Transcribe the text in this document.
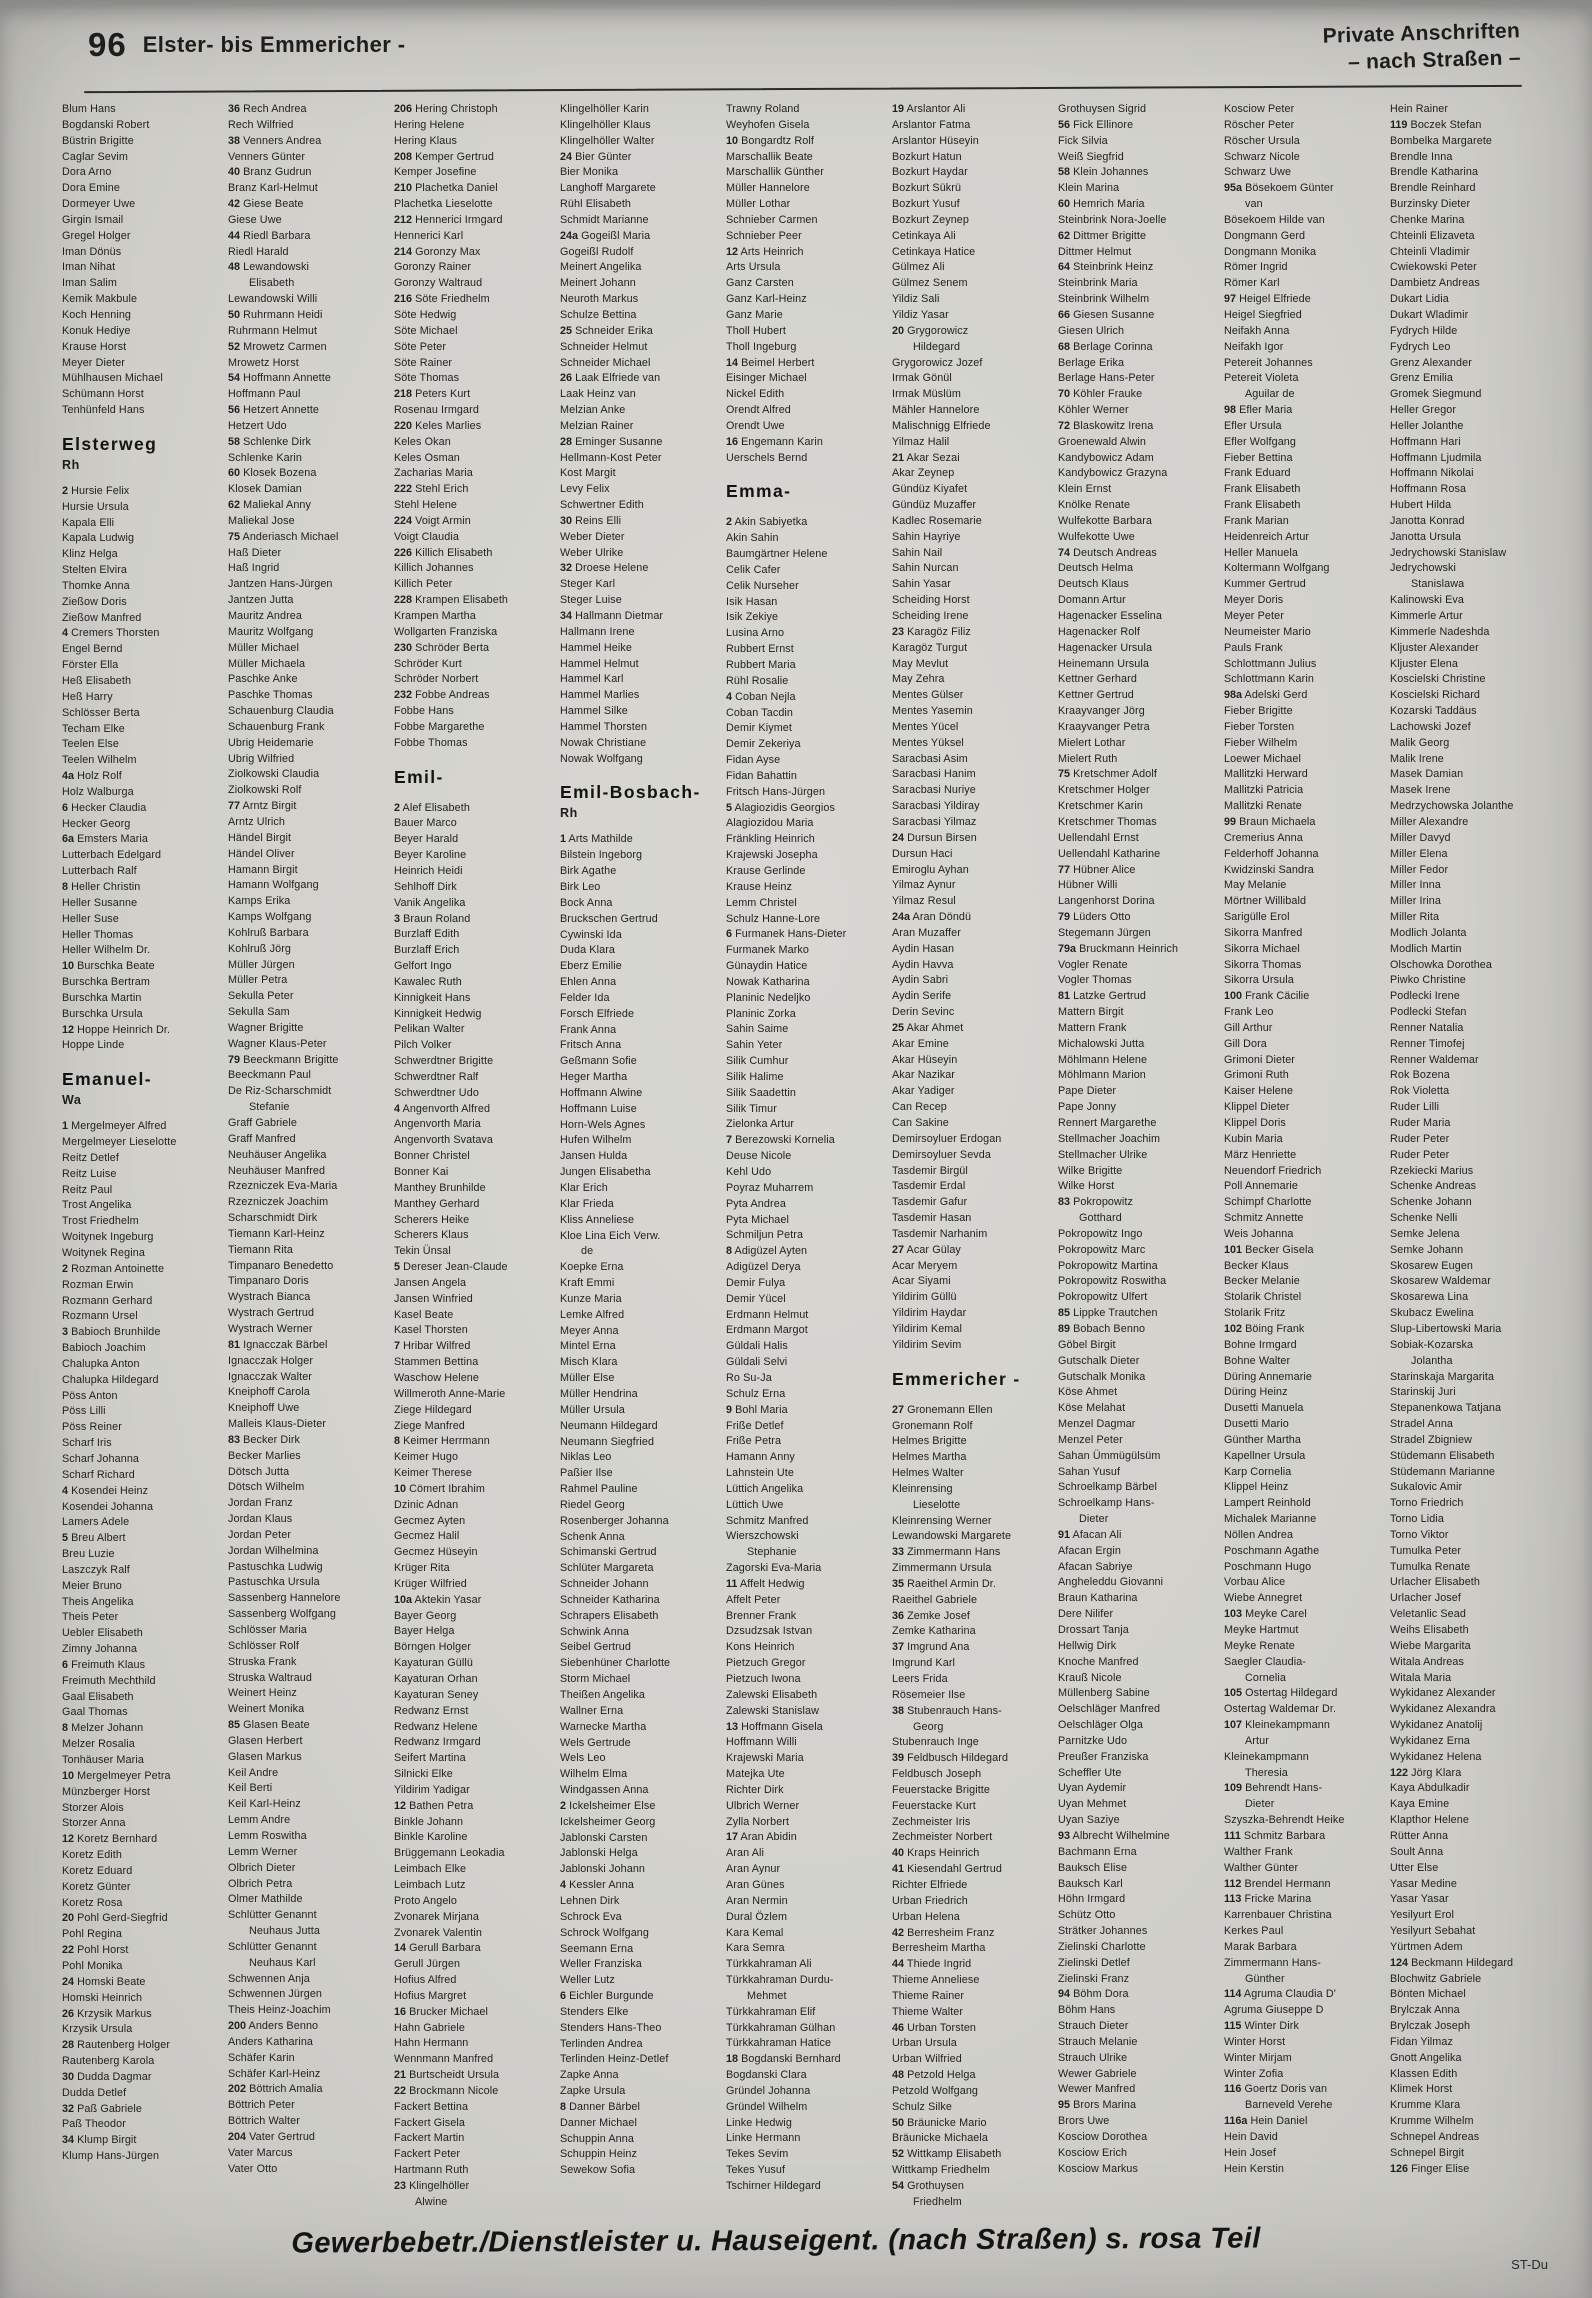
96 Elster- bis Emmericher -	Private Anschriften
– nach Straßen –
Blum Hans
Bogdanski Robert
Büstrin Brigitte
Caglar Sevim
Dora Arno
Dora Emine
Dormeyer Uwe
Girgin Ismail
Gregel Holger
Iman Dönüs
Iman Nihat
Iman Salim
Kemik Makbule
Koch Henning
Konuk Hediye
Krause Horst
Meyer Dieter
Mühlhausen Michael
Schümann Horst
Tenhünfeld Hans
Elsterweg
Rh
2 Hursie Felix
Hursie Ursula
Kapala Elli
Kapala Ludwig
Klinz Helga
Stelten Elvira
Thomke Anna
Zießow Doris
Zießow Manfred
4 Cremers Thorsten
Engel Bernd
Förster Ella
Heß Elisabeth
Heß Harry
Schlösser Berta
Techam Elke
Teelen Else
Teelen Wilhelm
4a Holz Rolf
Holz Walburga
6 Hecker Claudia
Hecker Georg
6a Emsters Maria
Lutterbach Edelgard
Lutterbach Ralf
8 Heller Christin
Heller Susanne
Heller Suse
Heller Thomas
Heller Wilhelm Dr.
10 Burschka Beate
Burschka Bertram
Burschka Martin
Burschka Ursula
12 Hoppe Heinrich Dr.
Hoppe Linde
Emanuel-
Wa
1 Mergelmeyer Alfred
Mergelmeyer Lieselotte
Reitz Detlef
Reitz Luise
Reitz Paul
Trost Angelika
Trost Friedhelm
Woitynek Ingeburg
Woitynek Regina
2 Rozman Antoinette
Rozman Erwin
Rozmann Gerhard
Rozmann Ursel
3 Babioch Brunhilde
Babioch Joachim
Chalupka Anton
Chalupka Hildegard
Pöss Anton
Pöss Lilli
Pöss Reiner
Scharf Iris
Scharf Johanna
Scharf Richard
4 Kosendei Heinz
Kosendei Johanna
Lamers Adele
5 Breu Albert
Breu Luzie
Laszczyk Ralf
Meier Bruno
Theis Angelika
Theis Peter
Uebler Elisabeth
Zimny Johanna
6 Freimuth Klaus
Freimuth Mechthild
Gaal Elisabeth
Gaal Thomas
8 Melzer Johann
Melzer Rosalia
Tonhäuser Maria
10 Mergelmeyer Petra
Münzberger Horst
Storzer Alois
Storzer Anna
12 Koretz Bernhard
Koretz Edith
Koretz Eduard
Koretz Günter
Koretz Rosa
20 Pohl Gerd-Siegfrid
Pohl Regina
22 Pohl Horst
Pohl Monika
24 Homski Beate
Homski Heinrich
26 Krzysik Markus
Krzysik Ursula
28 Rautenberg Holger
Rautenberg Karola
30 Dudda Dagmar
Dudda Detlef
32 Paß Gabriele
Paß Theodor
34 Klump Birgit
Klump Hans-Jürgen
36 Rech Andrea
Rech Wilfried
38 Venners Andrea
Venners Günter
40 Branz Gudrun
Branz Karl-Helmut
42 Giese Beate
Giese Uwe
44 Riedl Barbara
Riedl Harald
48 Lewandowski
Elisabeth
Lewandowski Willi
50 Ruhrmann Heidi
Ruhrmann Helmut
52 Mrowetz Carmen
Mrowetz Horst
54 Hoffmann Annette
Hoffmann Paul
56 Hetzert Annette
Hetzert Udo
58 Schlenke Dirk
Schlenke Karin
60 Klosek Bozena
Klosek Damian
62 Maliekal Anny
Maliekal Jose
75 Anderiasch Michael
Haß Dieter
Haß Ingrid
Jantzen Hans-Jürgen
Jantzen Jutta
Mauritz Andrea
Mauritz Wolfgang
Müller Michael
Müller Michaela
Paschke Anke
Paschke Thomas
Schauenburg Claudia
Schauenburg Frank
Ubrig Heidemarie
Ubrig Wilfried
Ziolkowski Claudia
Ziolkowski Rolf
77 Arntz Birgit
Arntz Ulrich
Händel Birgit
Händel Oliver
Hamann Birgit
Hamann Wolfgang
Kamps Erika
Kamps Wolfgang
Kohlruß Barbara
Kohlruß Jörg
Müller Jürgen
Müller Petra
Sekulla Peter
Sekulla Sam
Wagner Brigitte
Wagner Klaus-Peter
79 Beeckmann Brigitte
Beeckmann Paul
De Riz-Scharschmidt
Stefanie
Graff Gabriele
Graff Manfred
Neuhäuser Angelika
Neuhäuser Manfred
Rzezniczek Eva-Maria
Rzezniczek Joachim
Scharschmidt Dirk
Tiemann Karl-Heinz
Tiemann Rita
Timpanaro Benedetto
Timpanaro Doris
Wystrach Bianca
Wystrach Gertrud
Wystrach Werner
81 Ignacczak Bärbel
Ignacczak Holger
Ignacczak Walter
Kneiphoff Carola
Kneiphoff Uwe
Malleis Klaus-Dieter
83 Becker Dirk
Becker Marlies
Dötsch Jutta
Dötsch Wilhelm
Jordan Franz
Jordan Klaus
Jordan Peter
Jordan Wilhelmina
Pastuschka Ludwig
Pastuschka Ursula
Sassenberg Hannelore
Sassenberg Wolfgang
Schlösser Maria
Schlösser Rolf
Struska Frank
Struska Waltraud
Weinert Heinz
Weinert Monika
85 Glasen Beate
Glasen Herbert
Glasen Markus
Keil Andre
Keil Berti
Keil Karl-Heinz
Lemm Andre
Lemm Roswitha
Lemm Werner
Olbrich Dieter
Olbrich Petra
Olmer Mathilde
Schlütter Genannt
Neuhaus Jutta
Schlütter Genannt
Neuhaus Karl
Schwennen Anja
Schwennen Jürgen
Theis Heinz-Joachim
200 Anders Benno
Anders Katharina
Schäfer Karin
Schäfer Karl-Heinz
202 Böttrich Amalia
Böttrich Peter
Böttrich Walter
204 Vater Gertrud
Vater Marcus
Vater Otto
206 Hering Christoph
Hering Helene
Hering Klaus
208 Kemper Gertrud
Kemper Josefine
210 Plachetka Daniel
Plachetka Lieselotte
212 Hennerici Irmgard
Hennerici Karl
214 Goronzy Max
Goronzy Rainer
Goronzy Waltraud
216 Söte Friedhelm
Söte Hedwig
Söte Michael
Söte Peter
Söte Rainer
Söte Thomas
218 Peters Kurt
Rosenau Irmgard
220 Keles Marlies
Keles Okan
Keles Osman
Zacharias Maria
222 Stehl Erich
Stehl Helene
224 Voigt Armin
Voigt Claudia
226 Killich Elisabeth
Killich Johannes
Killich Peter
228 Krampen Elisabeth
Krampen Martha
Wollgarten Franziska
230 Schröder Berta
Schröder Kurt
Schröder Norbert
232 Fobbe Andreas
Fobbe Hans
Fobbe Margarethe
Fobbe Thomas
Emil-
2 Alef Elisabeth
Bauer Marco
Beyer Harald
Beyer Karoline
Heinrich Heidi
Sehlhoff Dirk
Vanik Angelika
3 Braun Roland
Burzlaff Edith
Burzlaff Erich
Gelfort Ingo
Kawalec Ruth
Kinnigkeit Hans
Kinnigkeit Hedwig
Pelikan Walter
Pilch Volker
Schwerdtner Brigitte
Schwerdtner Ralf
Schwerdtner Udo
4 Angenvorth Alfred
Angenvorth Maria
Angenvorth Svatava
Bonner Christel
Bonner Kai
Manthey Brunhilde
Manthey Gerhard
Scherers Heike
Scherers Klaus
Tekin Ünsal
5 Dereser Jean-Claude
Jansen Angela
Jansen Winfried
Kasel Beate
Kasel Thorsten
7 Hribar Wilfred
Stammen Bettina
Waschow Helene
Willmeroth Anne-Marie
Ziege Hildegard
Ziege Manfred
8 Keimer Herrmann
Keimer Hugo
Keimer Therese
10 Cömert Ibrahim
Dzinic Adnan
Gecmez Ayten
Gecmez Halil
Gecmez Hüseyin
Krüger Rita
Krüger Wilfried
10a Aktekin Yasar
Bayer Georg
Bayer Helga
Börngen Holger
Kayaturan Güllü
Kayaturan Orhan
Kayaturan Seney
Redwanz Ernst
Redwanz Helene
Redwanz Irmgard
Seifert Martina
Silnicki Elke
Yildirim Yadigar
12 Bathen Petra
Binkle Johann
Binkle Karoline
Brüggemann Leokadia
Leimbach Elke
Leimbach Lutz
Proto Angelo
Zvonarek Mirjana
Zvonarek Valentin
14 Gerull Barbara
Gerull Jürgen
Hofius Alfred
Hofius Margret
16 Brucker Michael
Hahn Gabriele
Hahn Hermann
Wennmann Manfred
21 Burtscheidt Ursula
22 Brockmann Nicole
Fackert Bettina
Fackert Gisela
Fackert Martin
Fackert Peter
Hartmann Ruth
23 Klingelhöller
Alwine
Klingelhöller Karin
Klingelhöller Klaus
Klingelhöller Walter
24 Bier Günter
Bier Monika
Langhoff Margarete
Rühl Elisabeth
Schmidt Marianne
24a Gogeißl Maria
Gogeißl Rudolf
Meinert Angelika
Meinert Johann
Neuroth Markus
Schulze Bettina
25 Schneider Erika
Schneider Helmut
Schneider Michael
26 Laak Elfriede van
Laak Heinz van
Melzian Anke
Melzian Rainer
28 Eminger Susanne
Hellmann-Kost Peter
Kost Margit
Levy Felix
Schwertner Edith
30 Reins Elli
Weber Dieter
Weber Ulrike
32 Droese Helene
Steger Karl
Steger Luise
34 Hallmann Dietmar
Hallmann Irene
Hammel Heike
Hammel Helmut
Hammel Karl
Hammel Marlies
Hammel Silke
Hammel Thorsten
Nowak Christiane
Nowak Wolfgang
Emil-Bosbach-
Rh
1 Arts Mathilde
Bilstein Ingeborg
Birk Agathe
Birk Leo
Bock Anna
Bruckschen Gertrud
Cywinski Ida
Duda Klara
Eberz Emilie
Ehlen Anna
Felder Ida
Forsch Elfriede
Frank Anna
Fritsch Anna
Geßmann Sofie
Heger Martha
Hoffmann Alwine
Hoffmann Luise
Horn-Wels Agnes
Hufen Wilhelm
Jansen Hulda
Jungen Elisabetha
Klar Erich
Klar Frieda
Kliss Anneliese
Kloe Lina Eich Verw.
de
Koepke Erna
Kraft Emmi
Kunze Maria
Lemke Alfred
Meyer Anna
Mintel Erna
Misch Klara
Müller Else
Müller Hendrina
Müller Ursula
Neumann Hildegard
Neumann Siegfried
Niklas Leo
Paßier Ilse
Rahmel Pauline
Riedel Georg
Rosenberger Johanna
Schenk Anna
Schimanski Gertrud
Schlüter Margareta
Schneider Johann
Schneider Katharina
Schrapers Elisabeth
Schwink Anna
Seibel Gertrud
Siebenhüner Charlotte
Storm Michael
Theißen Angelika
Wallner Erna
Warnecke Martha
Wels Gertrude
Wels Leo
Wilhelm Elma
Windgassen Anna
2 Ickelsheimer Else
Ickelsheimer Georg
Jablonski Carsten
Jablonski Helga
Jablonski Johann
4 Kessler Anna
Lehnen Dirk
Schrock Eva
Schrock Wolfgang
Seemann Erna
Weller Franziska
Weller Lutz
6 Eichler Burgunde
Stenders Elke
Stenders Hans-Theo
Terlinden Andrea
Terlinden Heinz-Detlef
Zapke Anna
Zapke Ursula
8 Danner Bärbel
Danner Michael
Schuppin Anna
Schuppin Heinz
Sewekow Sofia
Trawny Roland
Weyhofen Gisela
10 Bongardtz Rolf
Marschallik Beate
Marschallik Günther
Müller Hannelore
Müller Lothar
Schnieber Carmen
Schnieber Peer
12 Arts Heinrich
Arts Ursula
Ganz Carsten
Ganz Karl-Heinz
Ganz Marie
Tholl Hubert
Tholl Ingeburg
14 Beimel Herbert
Eisinger Michael
Nickel Edith
Orendt Alfred
Orendt Uwe
16 Engemann Karin
Uerschels Bernd
Emma-
2 Akin Sabiyetka
Akin Sahin
Baumgärtner Helene
Celik Cafer
Celik Nurseher
Isik Hasan
Isik Zekiye
Lusina Arno
Rubbert Ernst
Rubbert Maria
Rühl Rosalie
4 Coban Nejla
Coban Tacdin
Demir Kiymet
Demir Zekeriya
Fidan Ayse
Fidan Bahattin
Fritsch Hans-Jürgen
5 Alagiozidis Georgios
Alagiozidou Maria
Fränkling Heinrich
Krajewski Josepha
Krause Gerlinde
Krause Heinz
Lemm Christel
Schulz Hanne-Lore
6 Furmanek Hans-Dieter
Furmanek Marko
Günaydin Hatice
Nowak Katharina
Planinic Nedeljko
Planinic Zorka
Sahin Saime
Sahin Yeter
Silik Cumhur
Silik Halime
Silik Saadettin
Silik Timur
Zielonka Artur
7 Berezowski Kornelia
Deuse Nicole
Kehl Udo
Poyraz Muharrem
Pyta Andrea
Pyta Michael
Schmiljun Petra
8 Adigüzel Ayten
Adigüzel Derya
Demir Fulya
Demir Yücel
Erdmann Helmut
Erdmann Margot
Güldali Halis
Güldali Selvi
Ro Su-Ja
Schulz Erna
9 Bohl Maria
Friße Detlef
Friße Petra
Hamann Anny
Lahnstein Ute
Lüttich Angelika
Lüttich Uwe
Schmitz Manfred
Wierszchowski
Stephanie
Zagorski Eva-Maria
11 Affelt Hedwig
Affelt Peter
Brenner Frank
Dzsudzsak Istvan
Kons Heinrich
Pietzuch Gregor
Pietzuch Iwona
Zalewski Elisabeth
Zalewski Stanislaw
13 Hoffmann Gisela
Hoffmann Willi
Krajewski Maria
Matejka Ute
Richter Dirk
Ulbrich Werner
Zylla Norbert
17 Aran Abidin
Aran Ali
Aran Aynur
Aran Günes
Aran Nermin
Dural Özlem
Kara Kemal
Kara Semra
Türkkahraman Ali
Türkkahraman Durdu-
Mehmet
Türkkahraman Elif
Türkkahraman Gülhan
Türkkahraman Hatice
18 Bogdanski Bernhard
Bogdanski Clara
Gründel Johanna
Gründel Wilhelm
Linke Hedwig
Linke Hermann
Tekes Sevim
Tekes Yusuf
Tschirner Hildegard
19 Arslantor Ali
Arslantor Fatma
Arslantor Hüseyin
Bozkurt Hatun
Bozkurt Haydar
Bozkurt Sükrü
Bozkurt Yusuf
Bozkurt Zeynep
Cetinkaya Ali
Cetinkaya Hatice
Gülmez Ali
Gülmez Senem
Yildiz Sali
Yildiz Yasar
20 Grygorowicz
Hildegard
Grygorowicz Jozef
Irmak Gönül
Irmak Müslüm
Mähler Hannelore
Malischnigg Elfriede
Yilmaz Halil
21 Akar Sezai
Akar Zeynep
Gündüz Kiyafet
Gündüz Muzaffer
Kadlec Rosemarie
Sahin Hayriye
Sahin Nail
Sahin Nurcan
Sahin Yasar
Scheiding Horst
Scheiding Irene
23 Karagöz Filiz
Karagöz Turgut
May Mevlut
May Zehra
Mentes Gülser
Mentes Yasemin
Mentes Yücel
Mentes Yüksel
Saracbasi Asim
Saracbasi Hanim
Saracbasi Nuriye
Saracbasi Yildiray
Saracbasi Yilmaz
24 Dursun Birsen
Dursun Haci
Emiroglu Ayhan
Yilmaz Aynur
Yilmaz Resul
24a Aran Döndü
Aran Muzaffer
Aydin Hasan
Aydin Havva
Aydin Sabri
Aydin Serife
Derin Sevinc
25 Akar Ahmet
Akar Emine
Akar Hüseyin
Akar Nazikar
Akar Yadiger
Can Recep
Can Sakine
Demirsoyluer Erdogan
Demirsoyluer Sevda
Tasdemir Birgül
Tasdemir Erdal
Tasdemir Gafur
Tasdemir Hasan
Tasdemir Narhanim
27 Acar Gülay
Acar Meryem
Acar Siyami
Yildirim Güllü
Yildirim Haydar
Yildirim Kemal
Yildirim Sevim
Emmericher -
27 Gronemann Ellen
Gronemann Rolf
Helmes Brigitte
Helmes Martha
Helmes Walter
Kleinrensing
Lieselotte
Kleinrensing Werner
Lewandowski Margarete
33 Zimmermann Hans
Zimmermann Ursula
35 Raeithel Armin Dr.
Raeithel Gabriele
36 Zemke Josef
Zemke Katharina
37 Imgrund Ana
Imgrund Karl
Leers Frida
Rösemeier Ilse
38 Stubenrauch Hans-
Georg
Stubenrauch Inge
39 Feldbusch Hildegard
Feldbusch Joseph
Feuerstacke Brigitte
Feuerstacke Kurt
Zechmeister Iris
Zechmeister Norbert
40 Kraps Heinrich
41 Kiesendahl Gertrud
Richter Elfriede
Urban Friedrich
Urban Helena
42 Berresheim Franz
Berresheim Martha
44 Thiede Ingrid
Thieme Anneliese
Thieme Rainer
Thieme Walter
46 Urban Torsten
Urban Ursula
Urban Wilfried
48 Petzold Helga
Petzold Wolfgang
Schulz Silke
50 Bräunicke Mario
Bräunicke Michaela
52 Wittkamp Elisabeth
Wittkamp Friedhelm
54 Grothuysen
Friedhelm
Grothuysen Sigrid
56 Fick Ellinore
Fick Silvia
Weiß Siegfrid
58 Klein Johannes
Klein Marina
60 Hemrich Maria
Steinbrink Nora-Joelle
62 Dittmer Brigitte
Dittmer Helmut
64 Steinbrink Heinz
Steinbrink Maria
Steinbrink Wilhelm
66 Giesen Susanne
Giesen Ulrich
68 Berlage Corinna
Berlage Erika
Berlage Hans-Peter
70 Köhler Frauke
Köhler Werner
72 Blaskowitz Irena
Groenewald Alwin
Kandybowicz Adam
Kandybowicz Grazyna
Klein Ernst
Knölke Renate
Wulfekotte Barbara
Wulfekotte Uwe
74 Deutsch Andreas
Deutsch Helma
Deutsch Klaus
Domann Artur
Hagenacker Esselina
Hagenacker Rolf
Hagenacker Ursula
Heinemann Ursula
Kettner Gerhard
Kettner Gertrud
Kraayvanger Jörg
Kraayvanger Petra
Mielert Lothar
Mielert Ruth
75 Kretschmer Adolf
Kretschmer Holger
Kretschmer Karin
Kretschmer Thomas
Uellendahl Ernst
Uellendahl Katharine
77 Hübner Alice
Hübner Willi
Langenhorst Dorina
79 Lüders Otto
Stegemann Jürgen
79a Bruckmann Heinrich
Vogler Renate
Vogler Thomas
81 Latzke Gertrud
Mattern Birgit
Mattern Frank
Michalowski Jutta
Möhlmann Helene
Möhlmann Marion
Pape Dieter
Pape Jonny
Rennert Margarethe
Stellmacher Joachim
Stellmacher Ulrike
Wilke Brigitte
Wilke Horst
83 Pokropowitz
Gotthard
Pokropowitz Ingo
Pokropowitz Marc
Pokropowitz Martina
Pokropowitz Roswitha
Pokropowitz Ulfert
85 Lippke Trautchen
89 Bobach Benno
Göbel Birgit
Gutschalk Dieter
Gutschalk Monika
Köse Ahmet
Köse Melahat
Menzel Dagmar
Menzel Peter
Sahan Ümmügülsüm
Sahan Yusuf
Schroelkamp Bärbel
Schroelkamp Hans-
Dieter
91 Afacan Ali
Afacan Ergin
Afacan Sabriye
Angheleddu Giovanni
Braun Katharina
Dere Nilifer
Drossart Tanja
Hellwig Dirk
Knoche Manfred
Krauß Nicole
Müllenberg Sabine
Oelschläger Manfred
Oelschläger Olga
Parnitzke Udo
Preußer Franziska
Scheffler Ute
Uyan Aydemir
Uyan Mehmet
Uyan Saziye
93 Albrecht Wilhelmine
Bachmann Erna
Bauksch Elise
Bauksch Karl
Höhn Irmgard
Schütz Otto
Strätker Johannes
Zielinski Charlotte
Zielinski Detlef
Zielinski Franz
94 Böhm Dora
Böhm Hans
Strauch Dieter
Strauch Melanie
Strauch Ulrike
Wewer Gabriele
Wewer Manfred
95 Brors Marina
Brors Uwe
Kosciow Dorothea
Kosciow Erich
Kosciow Markus
Kosciow Peter
Röscher Peter
Röscher Ursula
Schwarz Nicole
Schwarz Uwe
95a Bösekoem Günter
van
Bösekoem Hilde van
Dongmann Gerd
Dongmann Monika
Römer Ingrid
Römer Karl
97 Heigel Elfriede
Heigel Siegfried
Neifakh Anna
Neifakh Igor
Petereit Johannes
Petereit Violeta
Aguilar de
98 Efler Maria
Efler Ursula
Efler Wolfgang
Fieber Bettina
Frank Eduard
Frank Elisabeth
Frank Elisabeth
Frank Marian
Heidenreich Artur
Heller Manuela
Koltermann Wolfgang
Kummer Gertrud
Meyer Doris
Meyer Peter
Neumeister Mario
Pauls Frank
Schlottmann Julius
Schlottmann Karin
98a Adelski Gerd
Fieber Brigitte
Fieber Torsten
Fieber Wilhelm
Loewer Michael
Mallitzki Herward
Mallitzki Patricia
Mallitzki Renate
99 Braun Michaela
Cremerius Anna
Felderhoff Johanna
Kwidzinski Sandra
May Melanie
Mörtner Willibald
Sarigülle Erol
Sikorra Manfred
Sikorra Michael
Sikorra Thomas
Sikorra Ursula
100 Frank Cäcilie
Frank Leo
Gill Arthur
Gill Dora
Grimoni Dieter
Grimoni Ruth
Kaiser Helene
Klippel Dieter
Klippel Doris
Kubin Maria
März Henriette
Neuendorf Friedrich
Poll Annemarie
Schimpf Charlotte
Schmitz Annette
Weis Johanna
101 Becker Gisela
Becker Klaus
Becker Melanie
Stolarik Christel
Stolarik Fritz
102 Böing Frank
Bohne Irmgard
Bohne Walter
Düring Annemarie
Düring Heinz
Dusetti Manuela
Dusetti Mario
Günther Martha
Kapellner Ursula
Karp Cornelia
Klippel Heinz
Lampert Reinhold
Michalek Marianne
Nöllen Andrea
Poschmann Agathe
Poschmann Hugo
Vorbau Alice
Wiebe Annegret
103 Meyke Carel
Meyke Hartmut
Meyke Renate
Saegler Claudia-
Cornelia
105 Ostertag Hildegard
Ostertag Waldemar Dr.
107 Kleinekampmann
Artur
Kleinekampmann
Theresia
109 Behrendt Hans-
Dieter
Szyszka-Behrendt Heike
111 Schmitz Barbara
Walther Frank
Walther Günter
112 Brendel Hermann
113 Fricke Marina
Karrenbauer Christina
Kerkes Paul
Marak Barbara
Zimmermann Hans-
Günther
114 Agruma Claudia D'
Agruma Giuseppe D
115 Winter Dirk
Winter Horst
Winter Mirjam
Winter Zofia
116 Goertz Doris van
Barneveld Verehe
116a Hein Daniel
Hein David
Hein Josef
Hein Kerstin
Hein Rainer
119 Boczek Stefan
Bombelka Margarete
Brendle Inna
Brendle Katharina
Brendle Reinhard
Burzinsky Dieter
Chenke Marina
Chteinli Elizaveta
Chteinli Vladimir
Cwiekowski Peter
Dambietz Andreas
Dukart Lidia
Dukart Wladimir
Fydrych Hilde
Fydrych Leo
Grenz Alexander
Grenz Emilia
Gromek Siegmund
Heller Gregor
Heller Jolanthe
Hoffmann Hari
Hoffmann Ljudmila
Hoffmann Nikolai
Hoffmann Rosa
Hubert Hilda
Janotta Konrad
Janotta Ursula
Jedrychowski Stanislaw
Jedrychowski
Stanislawa
Kalinowski Eva
Kimmerle Artur
Kimmerle Nadeshda
Kljuster Alexander
Kljuster Elena
Koscielski Christine
Koscielski Richard
Kozarski Taddäus
Lachowski Jozef
Malik Georg
Malik Irene
Masek Damian
Masek Irene
Medrzychowska Jolanthe
Miller Alexandre
Miller Davyd
Miller Elena
Miller Fedor
Miller Inna
Miller Irina
Miller Rita
Modlich Jolanta
Modlich Martin
Olschowka Dorothea
Piwko Christine
Podlecki Irene
Podlecki Stefan
Renner Natalia
Renner Timofej
Renner Waldemar
Rok Bozena
Rok Violetta
Ruder Lilli
Ruder Maria
Ruder Peter
Ruder Peter
Rzekiecki Marius
Schenke Andreas
Schenke Johann
Schenke Nelli
Semke Jelena
Semke Johann
Skosarew Eugen
Skosarew Waldemar
Skosarewa Lina
Skubacz Ewelina
Slup-Libertowski Maria
Sobiak-Kozarska
Jolantha
Starinskaja Margarita
Starinskij Juri
Stepanenkowa Tatjana
Stradel Anna
Stradel Zbigniew
Stüdemann Elisabeth
Stüdemann Marianne
Sukalovic Amir
Torno Friedrich
Torno Lidia
Torno Viktor
Tumulka Peter
Tumulka Renate
Urlacher Elisabeth
Urlacher Josef
Veletanlic Sead
Weihs Elisabeth
Wiebe Margarita
Witala Andreas
Witala Maria
Wykidanez Alexander
Wykidanez Alexandra
Wykidanez Anatolij
Wykidanez Erna
Wykidanez Helena
122 Jörg Klara
Kaya Abdulkadir
Kaya Emine
Klapthor Helene
Rütter Anna
Soult Anna
Utter Else
Yasar Medine
Yasar Yasar
Yesilyurt Erol
Yesilyurt Sebahat
Yürtmen Adem
124 Beckmann Hildegard
Blochwitz Gabriele
Bönten Michael
Brylczak Anna
Brylczak Joseph
Fidan Yilmaz
Gnott Angelika
Klassen Edith
Klimek Horst
Krumme Klara
Krumme Wilhelm
Schnepel Andreas
Schnepel Birgit
126 Finger Elise
Gewerbebetr./Dienstleister u. Hauseigent. (nach Straßen) s. rosa Teil
ST-Du
